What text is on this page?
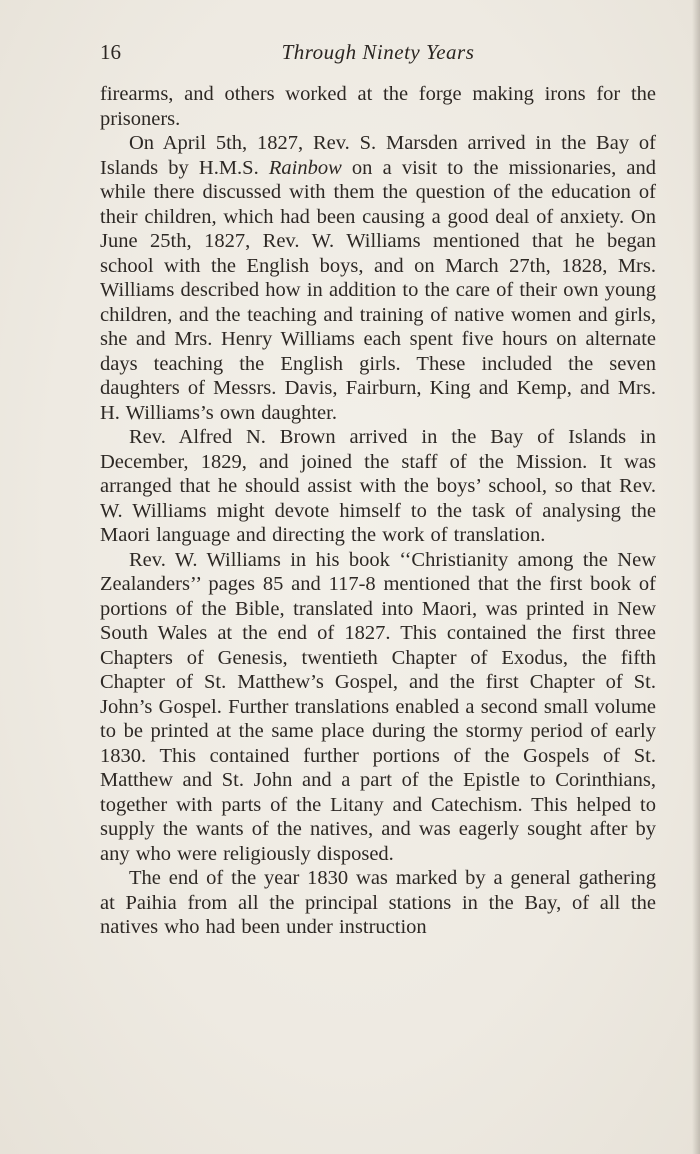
16	Through Ninety Years

firearms, and others worked at the forge making irons for the prisoners.

On April 5th, 1827, Rev. S. Marsden arrived in the Bay of Islands by H.M.S. Rainbow on a visit to the missionaries, and while there discussed with them the question of the education of their children, which had been causing a good deal of anxiety. On June 25th, 1827, Rev. W. Williams mentioned that he began school with the English boys, and on March 27th, 1828, Mrs. Williams described how in addition to the care of their own young children, and the teaching and training of native women and girls, she and Mrs. Henry Williams each spent five hours on alternate days teaching the English girls. These included the seven daughters of Messrs. Davis, Fairburn, King and Kemp, and Mrs. H. Williams’s own daughter.

Rev. Alfred N. Brown arrived in the Bay of Islands in December, 1829, and joined the staff of the Mission. It was arranged that he should assist with the boys’ school, so that Rev. W. Williams might devote himself to the task of analysing the Maori language and directing the work of translation.

Rev. W. Williams in his book ‘‘Christianity among the New Zealanders’’ pages 85 and 117-8 mentioned that the first book of portions of the Bible, translated into Maori, was printed in New South Wales at the end of 1827. This contained the first three Chapters of Genesis, twentieth Chapter of Exodus, the fifth Chapter of St. Matthew’s Gospel, and the first Chapter of St. John’s Gospel. Further translations enabled a second small volume to be printed at the same place during the stormy period of early 1830. This contained further portions of the Gospels of St. Matthew and St. John and a part of the Epistle to Corinthians, together with parts of the Litany and Catechism. This helped to supply the wants of the natives, and was eagerly sought after by any who were religiously disposed.

The end of the year 1830 was marked by a general gathering at Paihia from all the principal stations in the Bay, of all the natives who had been under instruction
